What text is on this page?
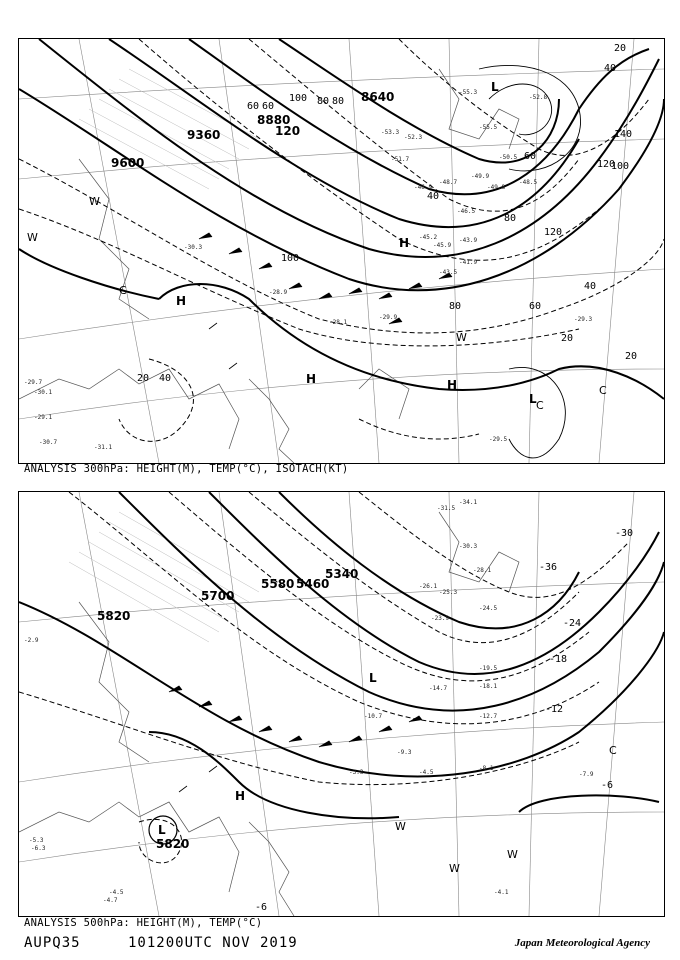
9600
9360
8880
8640
120
20
40
60	80
100
120
140
40
60
80
100
120
100
80	60
40
20
20
40
20
60	80
-29.7
-30.1
-31.1
-30.7
-29.1
-30.3
-28.1
-29.9	-29.3
-28.9
-29.5
-41.9
-43.9
-45.9
-46.5
-48.7
-49.9
-51.7
-53.3
-52.3
-55.5
-55.3
-52.8
-50.5
-49.8
-48.5
-46.9
-45.2
-43.5
L
H
H	H
H
L
C
C
W
W
W
C
ANALYSIS 300hPa: HEIGHT(M), TEMP(°C), ISOTACH(KT)
5820
5700
5580 5460
5340
5820
-36
-30
-24
-18
-12
-6
-6
-31.5
-34.1
-30.3
-28.1
-25.3
-26.1
-24.5
-23.9
-19.5
-18.1
-14.7
-12.7
-10.7
-9.3
-8.1
-7.9
-4.5
-3.3
-2.9
-4.1
-5.3
-6.3
-4.7
-4.5
L
L
H
C
W
W
W
ANALYSIS 500hPa: HEIGHT(M), TEMP(°C)
AUPQ35	101200UTC NOV 2019	Japan Meteorological Agency
